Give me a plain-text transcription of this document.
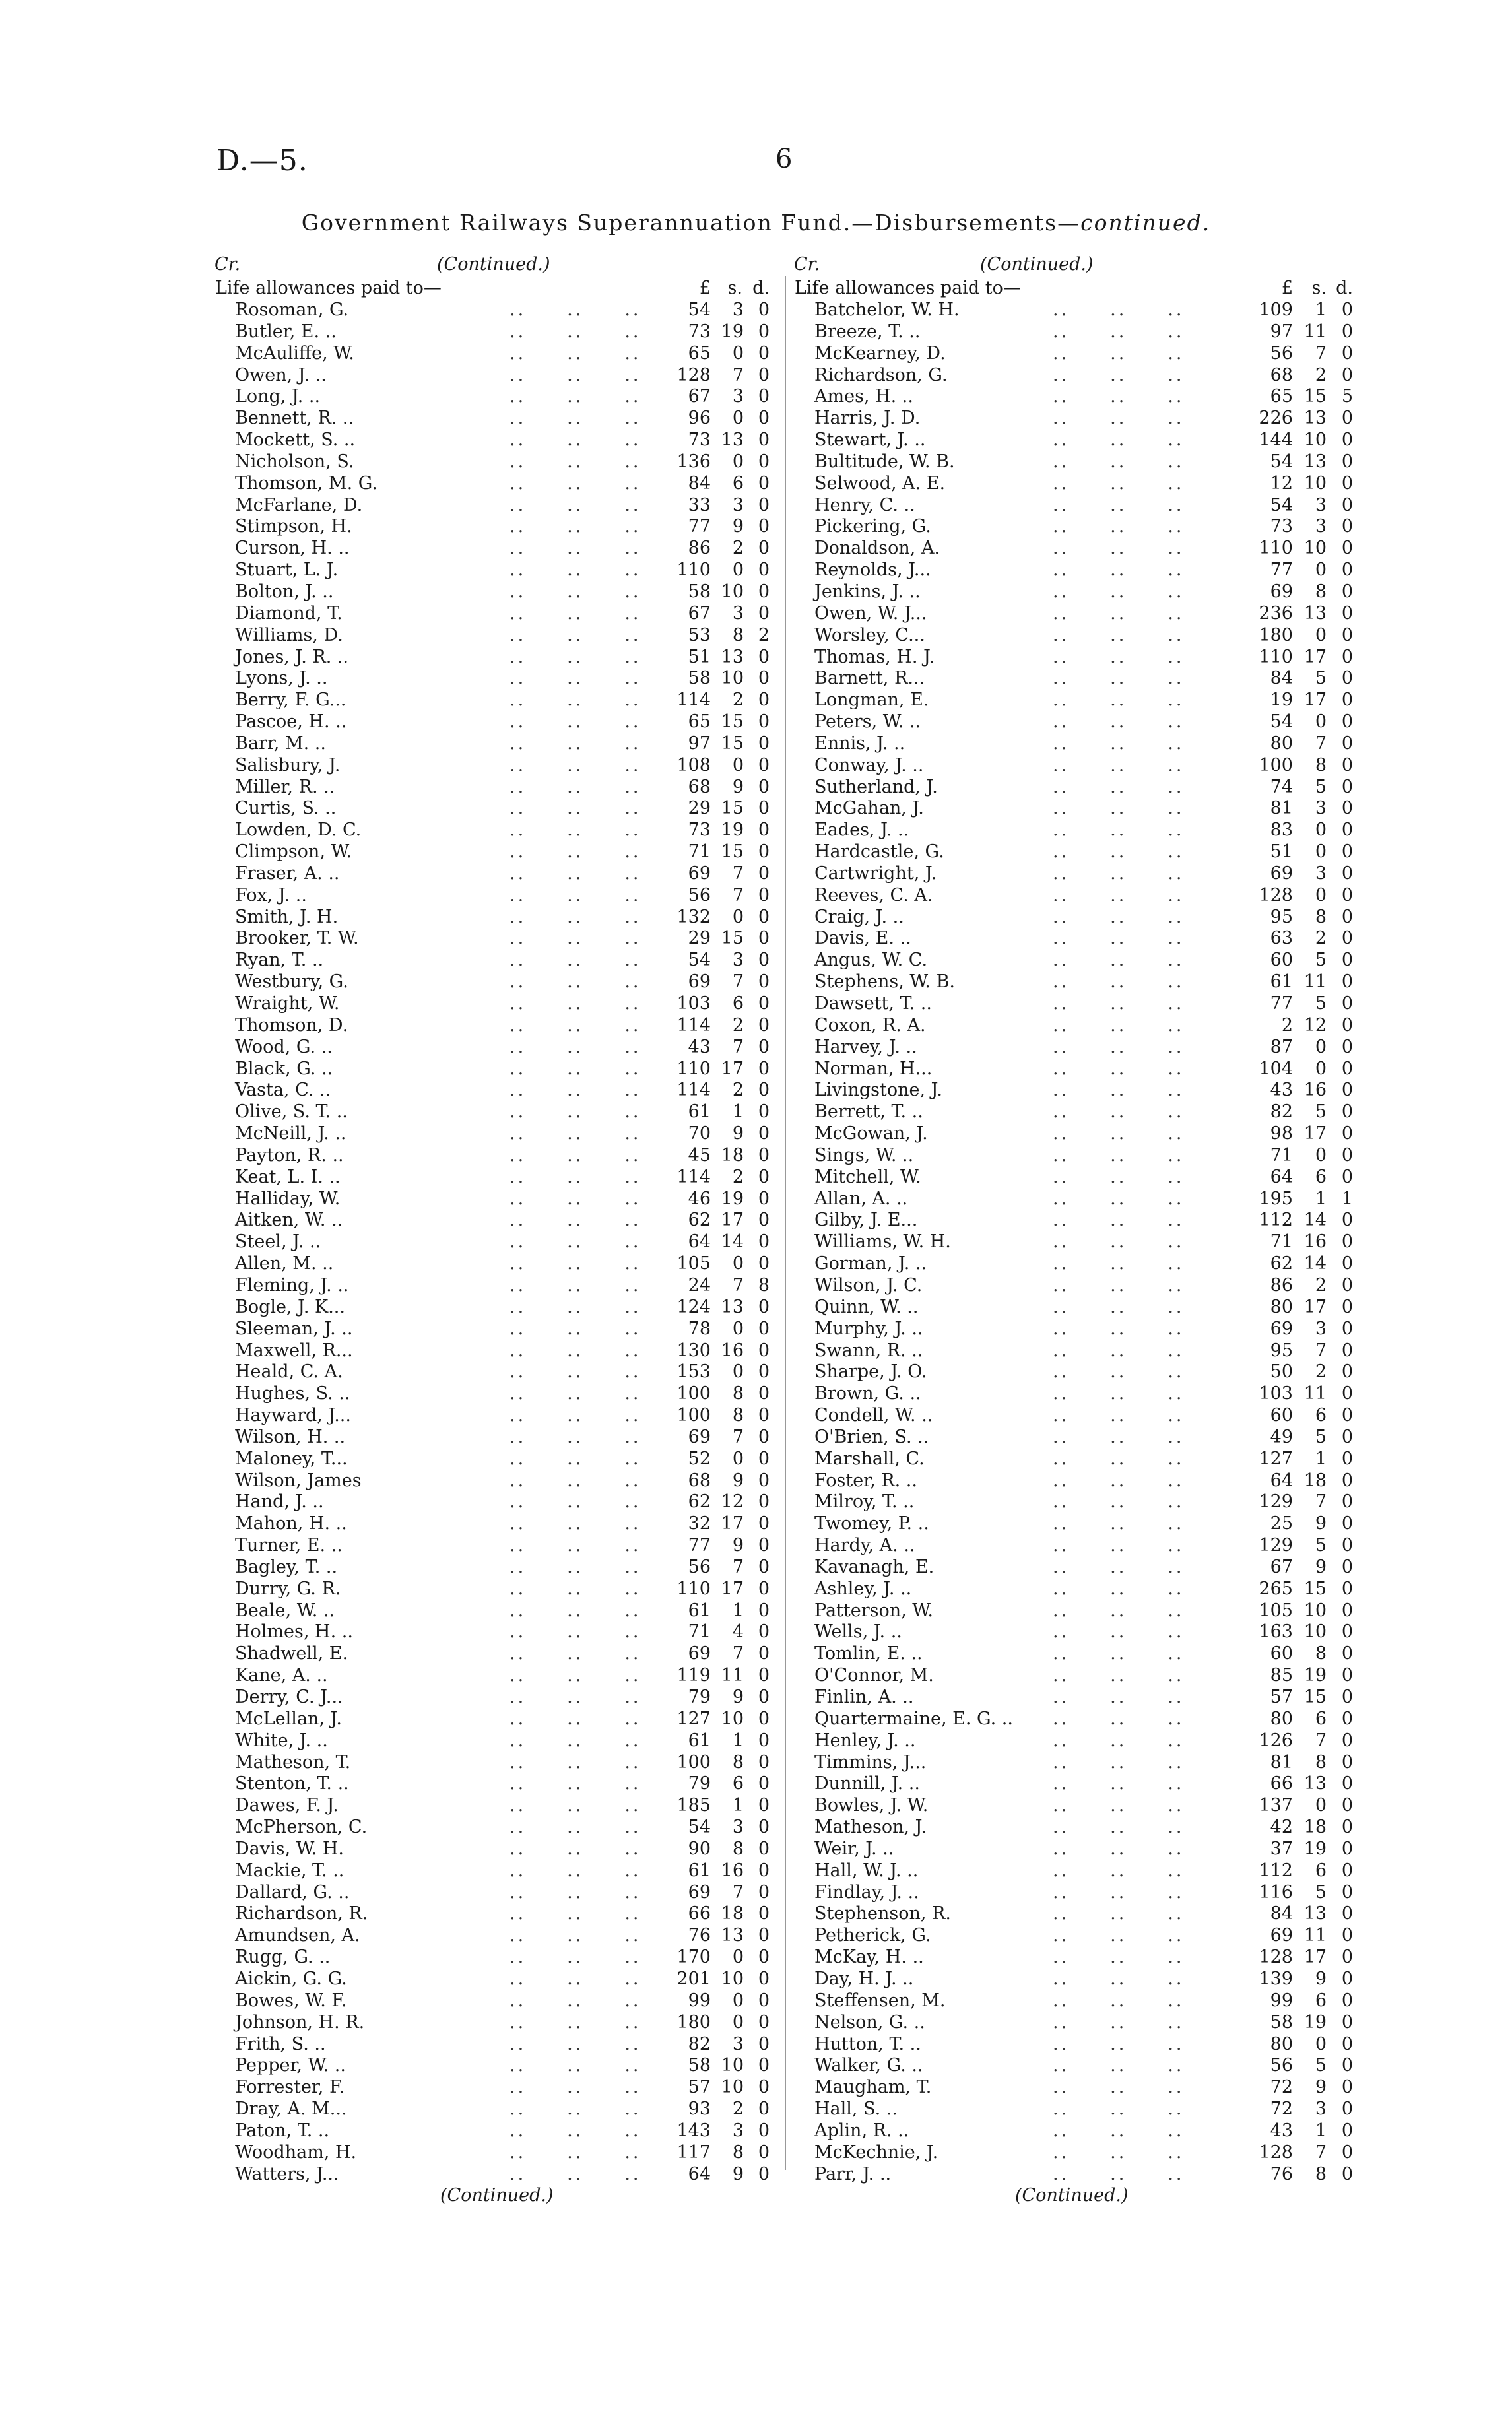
D.—5.	6
Government Railways Superannuation Fund.—Disbursements—continued.
Cr.	(Continued.)
Life allowances paid to—	£ s. d.
Rosoman, G.	..  ..  ..	54 3 0
Butler, E. ..	..  ..  ..	73 19 0
McAuliffe, W.	..  ..  ..	65 0 0
Owen, J. ..	..  ..  .. 128 7 0
Long, J. ..	..  ..  ..	67 3 0
Bennett, R. ..	..  ..  ..	96 0 0
Mockett, S. ..	..  ..  ..	73 13 0
Nicholson, S.	..  ..  .. 136 0 0
Thomson, M. G.	..  ..  ..	84 6 0
McFarlane, D.	..  ..  ..	33 3 0
Stimpson, H.	..  ..  ..	77 9 0
Curson, H. ..	..  ..  ..	86 2 0
Stuart, L. J.	..  ..  .. 110 0 0
Bolton, J. ..	..  ..  ..	58 10 0
Diamond, T.	..  ..  ..	67 3 0
Williams, D.	..  ..  ..	53 8 2
Jones, J. R. ..	..  ..  ..	51 13 0
Lyons, J. ..	..  ..  ..	58 10 0
Berry, F. G...	..  ..  .. 114 2 0
Pascoe, H. ..	..  ..  ..	65 15 0
Barr, M. ..	..  ..  ..	97 15 0
Salisbury, J.	..  ..  .. 108 0 0
Miller, R. ..	..  ..  ..	68 9 0
Curtis, S. ..	..  ..  ..	29 15 0
Lowden, D. C.	..  ..  ..	73 19 0
Climpson, W.	..  ..  ..	71 15 0
Fraser, A. ..	..  ..  ..	69 7 0
Fox, J. ..	..  ..  ..	56 7 0
Smith, J. H.	..  ..  .. 132 0 0
Brooker, T. W.	..  ..  ..	29 15 0
Ryan, T. ..	..  ..  ..	54 3 0
Westbury, G.	..  ..  ..	69 7 0
Wraight, W.	..  ..  .. 103 6 0
Thomson, D.	..  ..  .. 114 2 0
Wood, G. ..	..  ..  ..	43 7 0
Black, G. ..	..  ..  .. 110 17 0
Vasta, C. ..	..  ..  .. 114 2 0
Olive, S. T. ..	..  ..  ..	61 1 0
McNeill, J. ..	..  ..  ..	70 9 0
Payton, R. ..	..  ..  ..	45 18 0
Keat, L. I. ..	..  ..  .. 114 2 0
Halliday, W.	..  ..  ..	46 19 0
Aitken, W. ..	..  ..  ..	62 17 0
Steel, J. ..	..  ..  ..	64 14 0
Allen, M. ..	..  ..  .. 105 0 0
Fleming, J. ..	..  ..  ..	24 7 8
Bogle, J. K...	..  ..  .. 124 13 0
Sleeman, J. ..	..  ..  ..	78 0 0
Maxwell, R...	..  ..  .. 130 16 0
Heald, C. A.	..  ..  .. 153 0 0
Hughes, S. ..	..  ..  .. 100 8 0
Hayward, J...	..  ..  .. 100 8 0
Wilson, H. ..	..  ..  ..	69 7 0
Maloney, T...	..  ..  ..	52 0 0
Wilson, James	..  ..  ..	68 9 0
Hand, J. ..	..  ..  ..	62 12 0
Mahon, H. ..	..  ..  ..	32 17 0
Turner, E. ..	..  ..  ..	77 9 0
Bagley, T. ..	..  ..  ..	56 7 0
Durry, G. R.	..  ..  .. 110 17 0
Beale, W. ..	..  ..  ..	61 1 0
Holmes, H. ..	..  ..  ..	71 4 0
Shadwell, E.	..  ..  ..	69 7 0
Kane, A. ..	..  ..  .. 119 11 0
Derry, C. J...	..  ..  ..	79 9 0
McLellan, J.	..  ..  .. 127 10 0
White, J. ..	..  ..  ..	61 1 0
Matheson, T.	..  ..  .. 100 8 0
Stenton, T. ..	..  ..  ..	79 6 0
Dawes, F. J.	..  ..  .. 185 1 0
McPherson, C.	..  ..  ..	54 3 0
Davis, W. H.	..  ..  ..	90 8 0
Mackie, T. ..	..  ..  ..	61 16 0
Dallard, G. ..	..  ..  ..	69 7 0
Richardson, R.	..  ..  ..	66 18 0
Amundsen, A.	..  ..  ..	76 13 0
Rugg, G. ..	..  ..  .. 170 0 0
Aickin, G. G.	..  ..  .. 201 10 0
Bowes, W. F.	..  ..  ..	99 0 0
Johnson, H. R.	..  ..  .. 180 0 0
Frith, S. ..	..  ..  ..	82 3 0
Pepper, W. ..	..  ..  ..	58 10 0
Forrester, F.	..  ..  ..	57 10 0
Dray, A. M...	..  ..  ..	93 2 0
Paton, T. ..	..  ..  .. 143 3 0
Woodham, H.	..  ..  .. 117 8 0
Watters, J...	..  ..  ..	64 9 0
(Continued.)
Cr.	(Continued.)
Life allowances paid to—	£ s. d.
Batchelor, W. H.	..  ..  ..	109 1 0
Breeze, T. ..	..  ..  ..	97 11 0
McKearney, D.	..  ..  ..	56 7 0
Richardson, G.	..  ..  ..	68 2 0
Ames, H. ..	..  ..  ..	65 15 5
Harris, J. D.	..  ..  ..	226 13 0
Stewart, J. ..	..  ..  ..	144 10 0
Bultitude, W. B.	..  ..  ..	54 13 0
Selwood, A. E.	..  ..  ..	12 10 0
Henry, C. ..	..  ..  ..	54 3 0
Pickering, G.	..  ..  ..	73 3 0
Donaldson, A.	..  ..  ..	110 10 0
Reynolds, J...	..  ..  ..	77 0 0
Jenkins, J. ..	..  ..  ..	69 8 0
Owen, W. J...	..  ..  ..	236 13 0
Worsley, C...	..  ..  ..	180 0 0
Thomas, H. J.	..  ..  ..	110 17 0
Barnett, R...	..  ..  ..	84 5 0
Longman, E.	..  ..  ..	19 17 0
Peters, W. ..	..  ..  ..	54 0 0
Ennis, J. ..	..  ..  ..	80 7 0
Conway, J. ..	..  ..  ..	100 8 0
Sutherland, J.	..  ..  ..	74 5 0
McGahan, J.	..  ..  ..	81 3 0
Eades, J. ..	..  ..  ..	83 0 0
Hardcastle, G.	..  ..  ..	51 0 0
Cartwright, J.	..  ..  ..	69 3 0
Reeves, C. A.	..  ..  ..	128 0 0
Craig, J. ..	..  ..  ..	95 8 0
Davis, E. ..	..  ..  ..	63 2 0
Angus, W. C.	..  ..  ..	60 5 0
Stephens, W. B.	..  ..  ..	61 11 0
Dawsett, T. ..	..  ..  ..	77 5 0
Coxon, R. A.	..  ..  ..	2 12 0
Harvey, J. ..	..  ..  ..	87 0 0
Norman, H...	..  ..  ..	104 0 0
Livingstone, J.	..  ..  ..	43 16 0
Berrett, T. ..	..  ..  ..	82 5 0
McGowan, J.	..  ..  ..	98 17 0
Sings, W. ..	..  ..  ..	71 0 0
Mitchell, W.	..  ..  ..	64 6 0
Allan, A. ..	..  ..  ..	195 1 1
Gilby, J. E...	..  ..  ..	112 14 0
Williams, W. H.	..  ..  ..	71 16 0
Gorman, J. ..	..  ..  ..	62 14 0
Wilson, J. C.	..  ..  ..	86 2 0
Quinn, W. ..	..  ..  ..	80 17 0
Murphy, J. ..	..  ..  ..	69 3 0
Swann, R. ..	..  ..  ..	95 7 0
Sharpe, J. O.	..  ..  ..	50 2 0
Brown, G. ..	..  ..  ..	103 11 0
Condell, W. ..	..  ..  ..	60 6 0
O'Brien, S. ..	..  ..  ..	49 5 0
Marshall, C.	..  ..  ..	127 1 0
Foster, R. ..	..  ..  ..	64 18 0
Milroy, T. ..	..  ..  ..	129 7 0
Twomey, P. ..	..  ..  ..	25 9 0
Hardy, A. ..	..  ..  ..	129 5 0
Kavanagh, E.	..  ..  ..	67 9 0
Ashley, J. ..	..  ..  ..	265 15 0
Patterson, W.	..  ..  ..	105 10 0
Wells, J. ..	..  ..  ..	163 10 0
Tomlin, E. ..	..  ..  ..	60 8 0
O'Connor, M.	..  ..  ..	85 19 0
Finlin, A. ..	..  ..  ..	57 15 0
Quartermaine, E. G. .. ..  ..  ..	80 6 0
Henley, J. ..	..  ..  ..	126 7 0
Timmins, J...	..  ..  ..	81 8 0
Dunnill, J. ..	..  ..  ..	66 13 0
Bowles, J. W.	..  ..  ..	137 0 0
Matheson, J.	..  ..  ..	42 18 0
Weir, J. ..	..  ..  ..	37 19 0
Hall, W. J. ..	..  ..  ..	112 6 0
Findlay, J. ..	..  ..  ..	116 5 0
Stephenson, R.	..  ..  ..	84 13 0
Petherick, G.	..  ..  ..	69 11 0
McKay, H. ..	..  ..  ..	128 17 0
Day, H. J. ..	..  ..  ..	139 9 0
Steffensen, M.	..  ..  ..	99 6 0
Nelson, G. ..	..  ..  ..	58 19 0
Hutton, T. ..	..  ..  ..	80 0 0
Walker, G. ..	..  ..  ..	56 5 0
Maugham, T.	..  ..  ..	72 9 0
Hall, S. ..	..  ..  ..	72 3 0
Aplin, R. ..	..  ..  ..	43 1 0
McKechnie, J.	..  ..  ..	128 7 0
Parr, J. ..	..  ..  ..	76 8 0
(Continued.)
